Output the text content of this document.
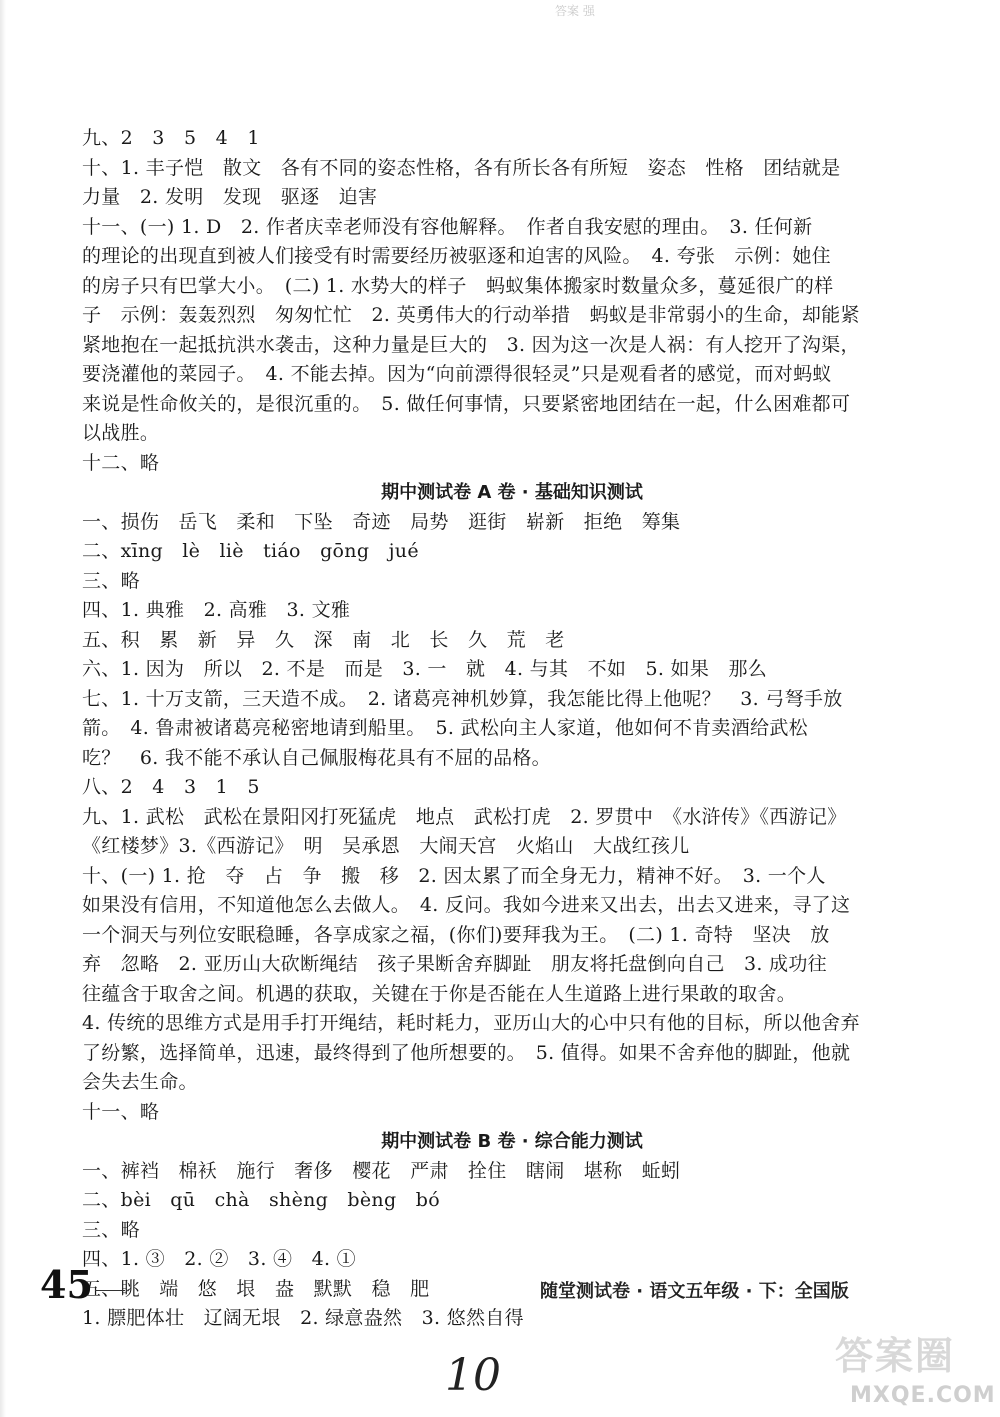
答案 强
九、2　3　5　4　1
十、1. 丰子恺　散文　各有不同的姿态性格，各有所长各有所短　姿态　性格　团结就是
力量　2. 发明　发现　驱逐　迫害
十一、(一) 1. D　2. 作者庆幸老师没有容他解释。　作者自我安慰的理由。　3. 任何新
的理论的出现直到被人们接受有时需要经历被驱逐和迫害的风险。　4. 夸张　示例：她住
的房子只有巴掌大小。　(二) 1. 水势大的样子　蚂蚁集体搬家时数量众多，蔓延很广的样
子　示例：轰轰烈烈　匆匆忙忙　2. 英勇伟大的行动举措　蚂蚁是非常弱小的生命，却能紧
紧地抱在一起抵抗洪水袭击，这种力量是巨大的　3. 因为这一次是人祸：有人挖开了沟渠，
要浇灌他的菜园子。　4. 不能去掉。因为“向前漂得很轻灵”只是观看者的感觉，而对蚂蚁
来说是性命攸关的，是很沉重的。　5. 做任何事情，只要紧密地团结在一起，什么困难都可
以战胜。
十二、略
期中测试卷 A 卷 · 基础知识测试
一、损伤　岳飞　柔和　下坠　奇迹　局势　逛街　崭新　拒绝　筹集
二、xīng　lè　liè　tiáo　gōng　jué
三、略
四、1. 典雅　2. 高雅　3. 文雅
五、积　累　新　异　久　深　南　北　长　久　荒　老
六、1. 因为　所以　2. 不是　而是　3. 一　就　4. 与其　不如　5. 如果　那么
七、1. 十万支箭，三天造不成。　2. 诸葛亮神机妙算，我怎能比得上他呢？　3. 弓弩手放
箭。　4. 鲁肃被诸葛亮秘密地请到船里。　5. 武松向主人家道，他如何不肯卖酒给武松
吃？　6. 我不能不承认自己佩服梅花具有不屈的品格。
八、2　4　3　1　5
九、1. 武松　武松在景阳冈打死猛虎　地点　武松打虎　2. 罗贯中　《水浒传》《西游记》
《红楼梦》3.《西游记》　明　吴承恩　大闹天宫　火焰山　大战红孩儿
十、(一) 1. 抢　夺　占　争　搬　移　2. 因太累了而全身无力，精神不好。　3. 一个人
如果没有信用，不知道他怎么去做人。　4. 反问。我如今进来又出去，出去又进来，寻了这
一个洞天与列位安眠稳睡，各享成家之福，(你们)要拜我为王。　(二) 1. 奇特　坚决　放
弃　忽略　2. 亚历山大砍断绳结　孩子果断舍弃脚趾　朋友将托盘倒向自己　3. 成功往
往蕴含于取舍之间。机遇的获取，关键在于你是否能在人生道路上进行果敢的取舍。
4. 传统的思维方式是用手打开绳结，耗时耗力，亚历山大的心中只有他的目标，所以他舍弃
了纷繁，选择简单，迅速，最终得到了他所想要的。　5. 值得。如果不舍弃他的脚趾，他就
会失去生命。
十一、略
期中测试卷 B 卷 · 综合能力测试
一、裤裆　棉袄　施行　奢侈　樱花　严肃　拴住　瞎闹　堪称　蚯蚓
二、bèi　qū　chà　shèng　bèng　bó
三、略
四、1. ③　2. ②　3. ④　4. ①
五、眺　端　悠　垠　盎　默默　稳　肥
1. 膘肥体壮　辽阔无垠　2. 绿意盎然　3. 悠然自得
45	随堂测试卷 · 语文五年级 · 下：全国版
10	答案圈
MXQE.COM
